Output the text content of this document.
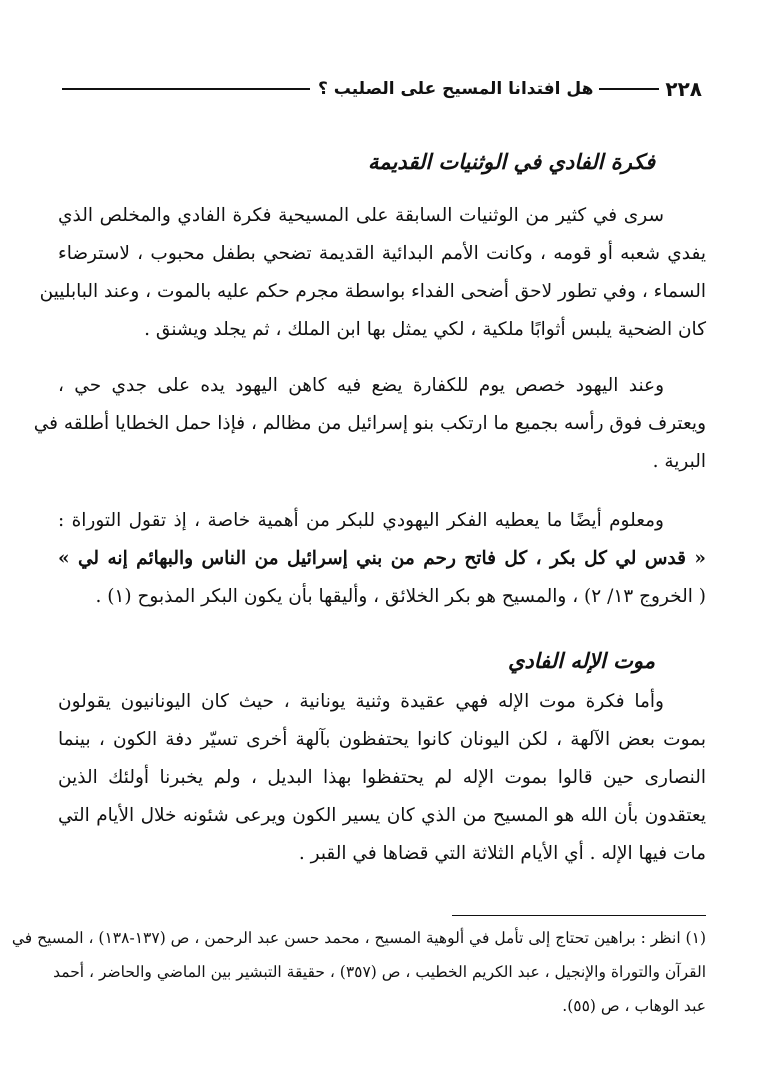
٢٢٨
هل افتدانا المسيح على الصليب ؟
فكرة الفادي في الوثنيات القديمة
سرى في كثير من الوثنيات السابقة على المسيحية فكرة الفادي والمخلص الذي
يفدي شعبه أو قومه ، وكانت الأمم البدائية القديمة تضحي بطفل محبوب ، لاسترضاء
السماء ، وفي تطور لاحق أضحى الفداء بواسطة مجرم حكم عليه بالموت ، وعند البابليين
كان الضحية يلبس أثوابًا ملكية ، لكي يمثل بها ابن الملك ، ثم يجلد ويشنق .
وعند اليهود خصص يوم للكفارة يضع فيه كاهن اليهود يده على جدي حي ،
ويعترف فوق رأسه بجميع ما ارتكب بنو إسرائيل من مظالم ، فإذا حمل الخطايا أطلقه في
البرية .
ومعلوم أيضًا ما يعطيه الفكر اليهودي للبكر من أهمية خاصة ، إذ تقول التوراة :
« قدس لي كل بكر ، كل فاتح رحم من بني إسرائيل من الناس والبهائم إنه لي »
( الخروج ١٣/ ٢) ، والمسيح هو بكر الخلائق ، وأليقها بأن يكون البكر المذبوح (١) .
موت الإله الفادي
وأما فكرة موت الإله فهي عقيدة وثنية يونانية ، حيث كان اليونانيون يقولون
بموت بعض الآلهة ، لكن اليونان كانوا يحتفظون بآلهة أخرى تسيّر دفة الكون ، بينما
النصارى حين قالوا بموت الإله لم يحتفظوا بهذا البديل ، ولم يخبرنا أولئك الذين
يعتقدون بأن الله هو المسيح من الذي كان يسير الكون ويرعى شئونه خلال الأيام التي
مات فيها الإله . أي الأيام الثلاثة التي قضاها في القبر .
(١) انظر : براهين تحتاج إلى تأمل في ألوهية المسيح ، محمد حسن عبد الرحمن ، ص (١٣٧-١٣٨) ، المسيح في
القرآن والتوراة والإنجيل ، عبد الكريم الخطيب ، ص (٣٥٧) ، حقيقة التبشير بين الماضي والحاضر ، أحمد
عبد الوهاب ، ص (٥٥).
